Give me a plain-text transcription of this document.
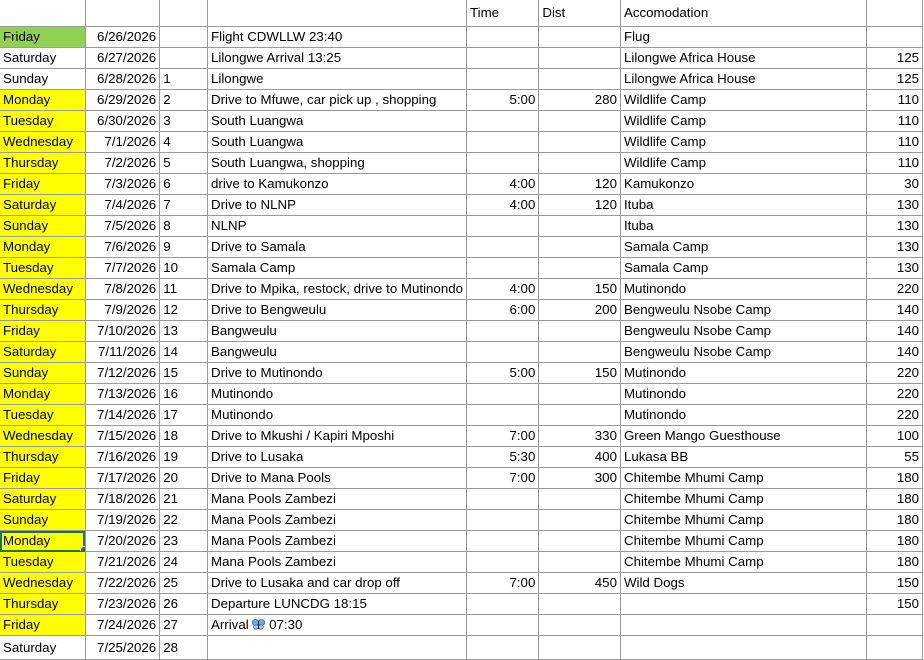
				Time	Dist	Accomodation	
Friday	6/26/2026		Flight CDWLLW 23:40			Flug	
Saturday	6/27/2026		Lilongwe Arrival 13:25			Lilongwe Africa House	125
Sunday	6/28/2026	1	Lilongwe			Lilongwe Africa House	125
Monday	6/29/2026	2	Drive to Mfuwe, car pick up , shopping	5:00	280	Wildlife Camp	110
Tuesday	6/30/2026	3	South Luangwa			Wildlife Camp	110
Wednesday	7/1/2026	4	South Luangwa			Wildlife Camp	110
Thursday	7/2/2026	5	South Luangwa, shopping			Wildlife Camp	110
Friday	7/3/2026	6	drive to Kamukonzo	4:00	120	Kamukonzo	30
Saturday	7/4/2026	7	Drive to NLNP	4:00	120	Ituba	130
Sunday	7/5/2026	8	NLNP			Ituba	130
Monday	7/6/2026	9	Drive to Samala			Samala Camp	130
Tuesday	7/7/2026	10	Samala Camp			Samala Camp	130
Wednesday	7/8/2026	11	Drive to Mpika, restock, drive to Mutinondo	4:00	150	Mutinondo	220
Thursday	7/9/2026	12	Drive to Bengweulu	6:00	200	Bengweulu Nsobe Camp	140
Friday	7/10/2026	13	Bangweulu			Bengweulu Nsobe Camp	140
Saturday	7/11/2026	14	Bangweulu			Bengweulu Nsobe Camp	140
Sunday	7/12/2026	15	Drive to Mutinondo	5:00	150	Mutinondo	220
Monday	7/13/2026	16	Mutinondo			Mutinondo	220
Tuesday	7/14/2026	17	Mutinondo			Mutinondo	220
Wednesday	7/15/2026	18	Drive to Mkushi / Kapiri Mposhi	7:00	330	Green Mango Guesthouse	100
Thursday	7/16/2026	19	Drive to Lusaka	5:30	400	Lukasa BB	55
Friday	7/17/2026	20	Drive to Mana Pools	7:00	300	Chitembe Mhumi Camp	180
Saturday	7/18/2026	21	Mana Pools Zambezi			Chitembe Mhumi Camp	180
Sunday	7/19/2026	22	Mana Pools Zambezi			Chitembe Mhumi Camp	180
Monday	7/20/2026	23	Mana Pools Zambezi			Chitembe Mhumi Camp	180
Tuesday	7/21/2026	24	Mana Pools Zambezi			Chitembe Mhumi Camp	180
Wednesday	7/22/2026	25	Drive to Lusaka and car drop off	7:00	450	Wild Dogs	150
Thursday	7/23/2026	26	Departure LUNCDG 18:15				150
Friday	7/24/2026	27	Arrival 07:30				
Saturday	7/25/2026	28					
